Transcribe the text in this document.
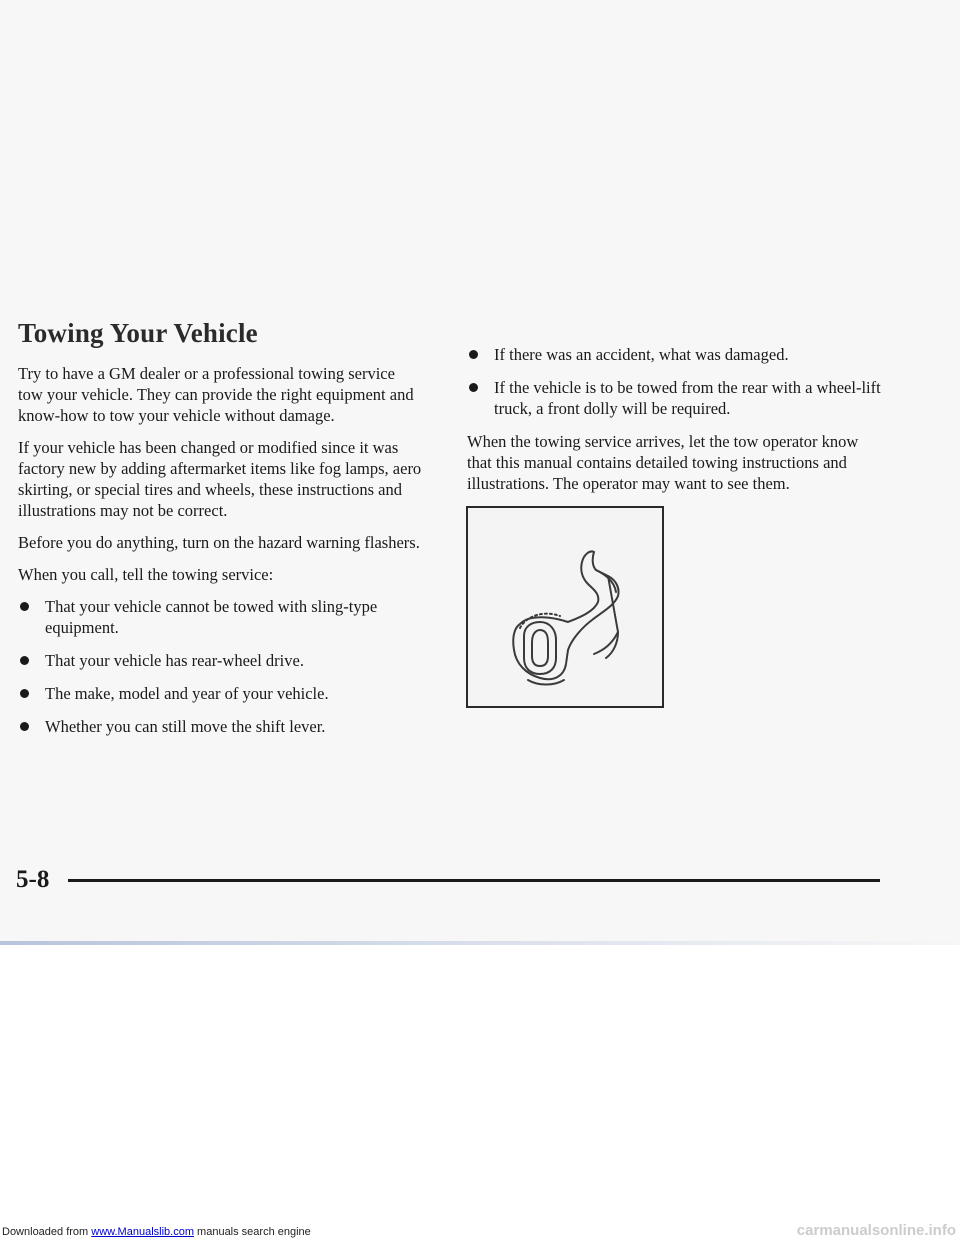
Towing Your Vehicle

Try to have a GM dealer or a professional towing service tow your vehicle. They can provide the right equipment and know-how to tow your vehicle without damage.

If your vehicle has been changed or modified since it was factory new by adding aftermarket items like fog lamps, aero skirting, or special tires and wheels, these instructions and illustrations may not be correct.

Before you do anything, turn on the hazard warning flashers.

When you call, tell the towing service:

That your vehicle cannot be towed with sling-type equipment.
That your vehicle has rear-wheel drive.
The make, model and year of your vehicle.
Whether you can still move the shift lever.
If there was an accident, what was damaged.
If the vehicle is to be towed from the rear with a wheel-lift truck, a front dolly will be required.

When the towing service arrives, let the tow operator know that this manual contains detailed towing instructions and illustrations. The operator may want to see them.

5-8
Downloaded from www.Manualslib.com manuals search engine	carmanualsonline.info
